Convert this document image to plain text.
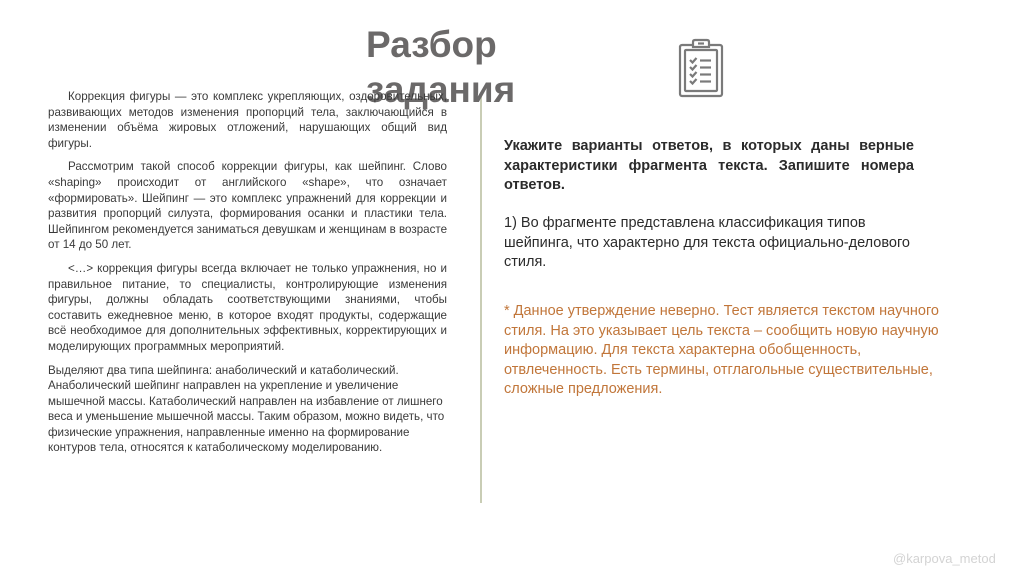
Разбор задания

Коррекция фигуры — это комплекс укрепляющих, оздоровительных, развивающих методов изменения пропорций тела, заключающийся в изменении объёма жировых отложений, нарушающих общий вид фигуры.

Рассмотрим такой способ коррекции фигуры, как шейпинг. Слово «shaping» происходит от английского «shape», что означает «формировать». Шейпинг — это комплекс упражнений для коррекции и развития пропорций силуэта, формирования осанки и пластики тела. Шейпингом рекомендуется заниматься девушкам и женщинам в возрасте от 14 до 50 лет.

<…> коррекция фигуры всегда включает не только упражнения, но и правильное питание, то специалисты, контролирующие изменения фигуры, должны обладать соответствующими знаниями, чтобы составить ежедневное меню, в которое входят продукты, содержащие всё необходимое для дополнительных эффективных, корректирующих и моделирующих программных мероприятий.

Выделяют два типа шейпинга: анаболический и катаболический. Анаболический шейпинг направлен на укрепление и увеличение мышечной массы. Катаболический направлен на избавление от лишнего веса и уменьшение мышечной массы. Таким образом, можно видеть, что физические упражнения, направленные именно на формирование контуров тела, относятся к катаболическому моделированию.

Укажите варианты ответов, в которых даны верные характеристики фрагмента текста. Запишите номера ответов.

1) Во фрагменте представлена классификация типов шейпинга, что характерно для текста официально-делового стиля.

* Данное утверждение неверно. Тест является текстом научного стиля. На это указывает цель текста – сообщить новую научную информацию. Для текста характерна обобщенность, отвлеченность. Есть термины, отглагольные существительные, сложные предложения.

@karpova_metod
